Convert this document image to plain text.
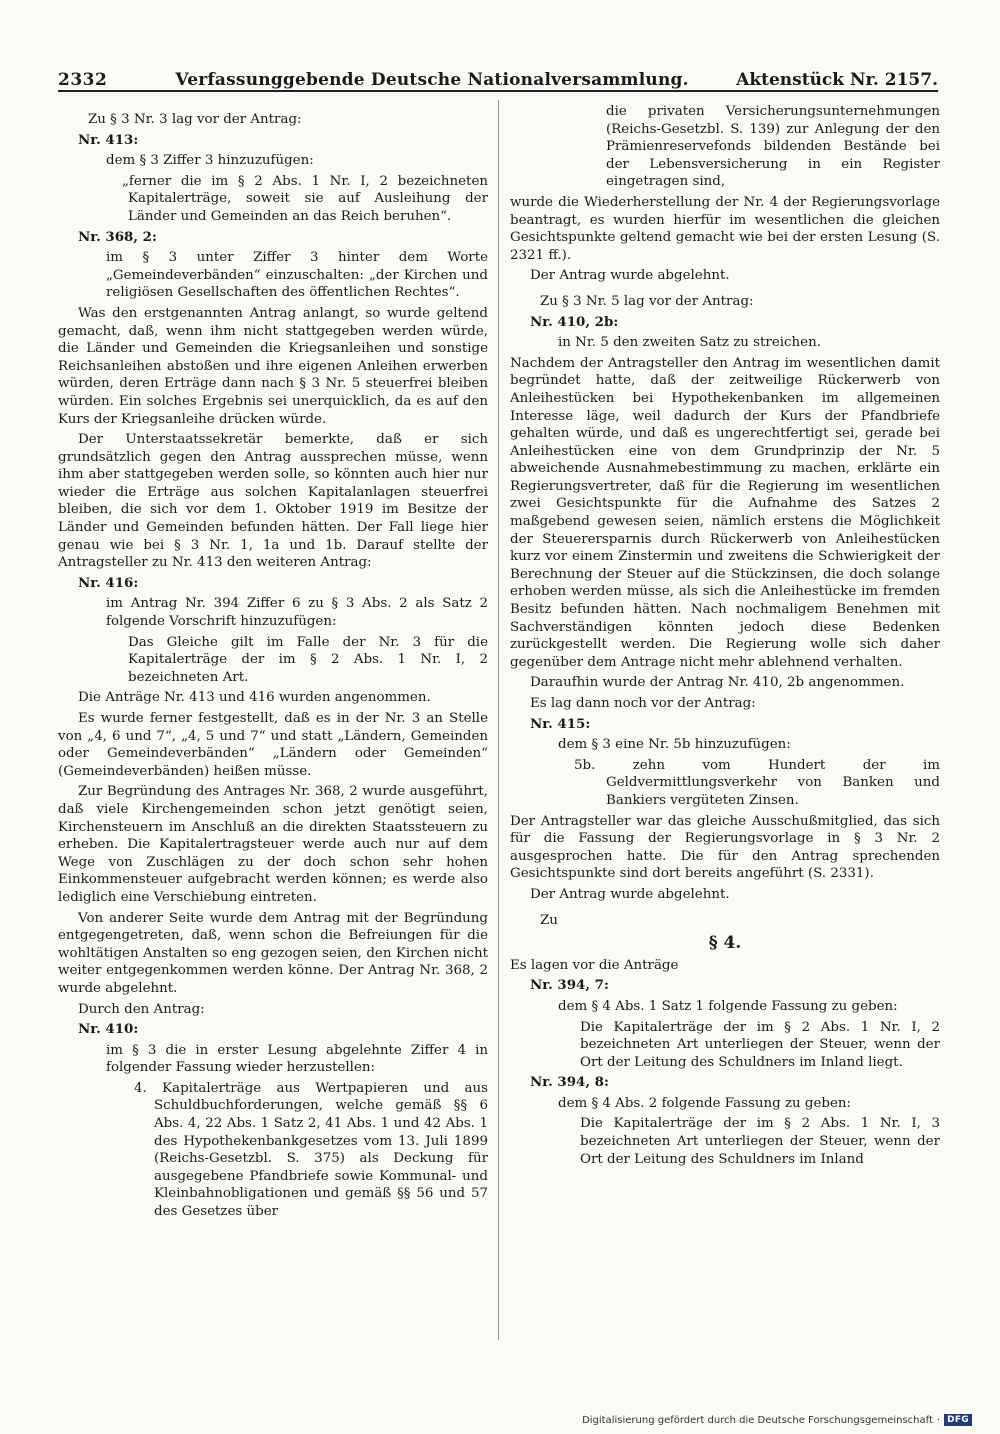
2332	Verfassunggebende Deutsche Nationalversammlung.	Aktenstück Nr. 2157.

Zu § 3 Nr. 3 lag vor der Antrag:

Nr. 413:

dem § 3 Ziffer 3 hinzuzufügen:

„ferner die im § 2 Abs. 1 Nr. I, 2 bezeichneten Kapitalerträge, soweit sie auf Ausleihung der Länder und Gemeinden an das Reich beruhen“.

Nr. 368, 2:

im § 3 unter Ziffer 3 hinter dem Worte „Gemeindeverbänden“ einzuschalten: „der Kirchen und religiösen Gesellschaften des öffentlichen Rechtes“.

Was den erstgenannten Antrag anlangt, so wurde geltend gemacht, daß, wenn ihm nicht stattgegeben werden würde, die Länder und Gemeinden die Kriegsanleihen und sonstige Reichsanleihen abstoßen und ihre eigenen Anleihen erwerben würden, deren Erträge dann nach § 3 Nr. 5 steuerfrei bleiben würden. Ein solches Ergebnis sei unerquicklich, da es auf den Kurs der Kriegsanleihe drücken würde.

Der Unterstaatssekretär bemerkte, daß er sich grundsätzlich gegen den Antrag aussprechen müsse, wenn ihm aber stattgegeben werden solle, so könnten auch hier nur wieder die Erträge aus solchen Kapitalanlagen steuerfrei bleiben, die sich vor dem 1. Oktober 1919 im Besitze der Länder und Gemeinden befunden hätten. Der Fall liege hier genau wie bei § 3 Nr. 1, 1a und 1b. Darauf stellte der Antragsteller zu Nr. 413 den weiteren Antrag:

Nr. 416:

im Antrag Nr. 394 Ziffer 6 zu § 3 Abs. 2 als Satz 2 folgende Vorschrift hinzuzufügen:

Das Gleiche gilt im Falle der Nr. 3 für die Kapitalerträge der im § 2 Abs. 1 Nr. I, 2 bezeichneten Art.

Die Anträge Nr. 413 und 416 wurden angenommen.

Es wurde ferner festgestellt, daß es in der Nr. 3 an Stelle von „4, 6 und 7“, „4, 5 und 7“ und statt „Ländern, Gemeinden oder Gemeindeverbänden“ „Ländern oder Gemeinden“ (Gemeindeverbänden) heißen müsse.

Zur Begründung des Antrages Nr. 368, 2 wurde ausgeführt, daß viele Kirchengemeinden schon jetzt genötigt seien, Kirchensteuern im Anschluß an die direkten Staatssteuern zu erheben. Die Kapitalertragsteuer werde auch nur auf dem Wege von Zuschlägen zu der doch schon sehr hohen Einkommensteuer aufgebracht werden können; es werde also lediglich eine Verschiebung eintreten.

Von anderer Seite wurde dem Antrag mit der Begründung entgegengetreten, daß, wenn schon die Befreiungen für die wohltätigen Anstalten so eng gezogen seien, den Kirchen nicht weiter entgegenkommen werden könne. Der Antrag Nr. 368, 2 wurde abgelehnt.

Durch den Antrag:

Nr. 410:

im § 3 die in erster Lesung abgelehnte Ziffer 4 in folgender Fassung wieder herzustellen:

4. Kapitalerträge aus Wertpapieren und aus Schuldbuchforderungen, welche gemäß §§ 6 Abs. 4, 22 Abs. 1 Satz 2, 41 Abs. 1 und 42 Abs. 1 des Hypothekenbankgesetzes vom 13. Juli 1899 (Reichs-Gesetzbl. S. 375) als Deckung für ausgegebene Pfandbriefe sowie Kommunal- und Kleinbahnobligationen und gemäß §§ 56 und 57 des Gesetzes über

die privaten Versicherungsunternehmungen (Reichs-Gesetzbl. S. 139) zur Anlegung der den Prämienreservefonds bildenden Bestände bei der Lebensversicherung in ein Register eingetragen sind,

wurde die Wiederherstellung der Nr. 4 der Regierungsvorlage beantragt, es wurden hierfür im wesentlichen die gleichen Gesichtspunkte geltend gemacht wie bei der ersten Lesung (S. 2321 ff.).

Der Antrag wurde abgelehnt.

Zu § 3 Nr. 5 lag vor der Antrag:

Nr. 410, 2b:

in Nr. 5 den zweiten Satz zu streichen.

Nachdem der Antragsteller den Antrag im wesentlichen damit begründet hatte, daß der zeitweilige Rückerwerb von Anleihestücken bei Hypothekenbanken im allgemeinen Interesse läge, weil dadurch der Kurs der Pfandbriefe gehalten würde, und daß es ungerechtfertigt sei, gerade bei Anleihestücken eine von dem Grundprinzip der Nr. 5 abweichende Ausnahmebestimmung zu machen, erklärte ein Regierungsvertreter, daß für die Regierung im wesentlichen zwei Gesichtspunkte für die Aufnahme des Satzes 2 maßgebend gewesen seien, nämlich erstens die Möglichkeit der Steuerersparnis durch Rückerwerb von Anleihestücken kurz vor einem Zinstermin und zweitens die Schwierigkeit der Berechnung der Steuer auf die Stückzinsen, die doch solange erhoben werden müsse, als sich die Anleihestücke im fremden Besitz befunden hätten. Nach nochmaligem Benehmen mit Sachverständigen könnten jedoch diese Bedenken zurückgestellt werden. Die Regierung wolle sich daher gegenüber dem Antrage nicht mehr ablehnend verhalten.

Daraufhin wurde der Antrag Nr. 410, 2b angenommen.

Es lag dann noch vor der Antrag:

Nr. 415:

dem § 3 eine Nr. 5b hinzuzufügen:

5b. zehn vom Hundert der im Geldvermittlungsverkehr von Banken und Bankiers vergüteten Zinsen.

Der Antragsteller war das gleiche Ausschußmitglied, das sich für die Fassung der Regierungsvorlage in § 3 Nr. 2 ausgesprochen hatte. Die für den Antrag sprechenden Gesichtspunkte sind dort bereits angeführt (S. 2331).

Der Antrag wurde abgelehnt.

Zu

§ 4.

Es lagen vor die Anträge

Nr. 394, 7:

dem § 4 Abs. 1 Satz 1 folgende Fassung zu geben:

Die Kapitalerträge der im § 2 Abs. 1 Nr. I, 2 bezeichneten Art unterliegen der Steuer, wenn der Ort der Leitung des Schuldners im Inland liegt.

Nr. 394, 8:

dem § 4 Abs. 2 folgende Fassung zu geben:

Die Kapitalerträge der im § 2 Abs. 1 Nr. I, 3 bezeichneten Art unterliegen der Steuer, wenn der Ort der Leitung des Schuldners im Inland

Digitalisierung gefördert durch die Deutsche Forschungsgemeinschaft · DFG
